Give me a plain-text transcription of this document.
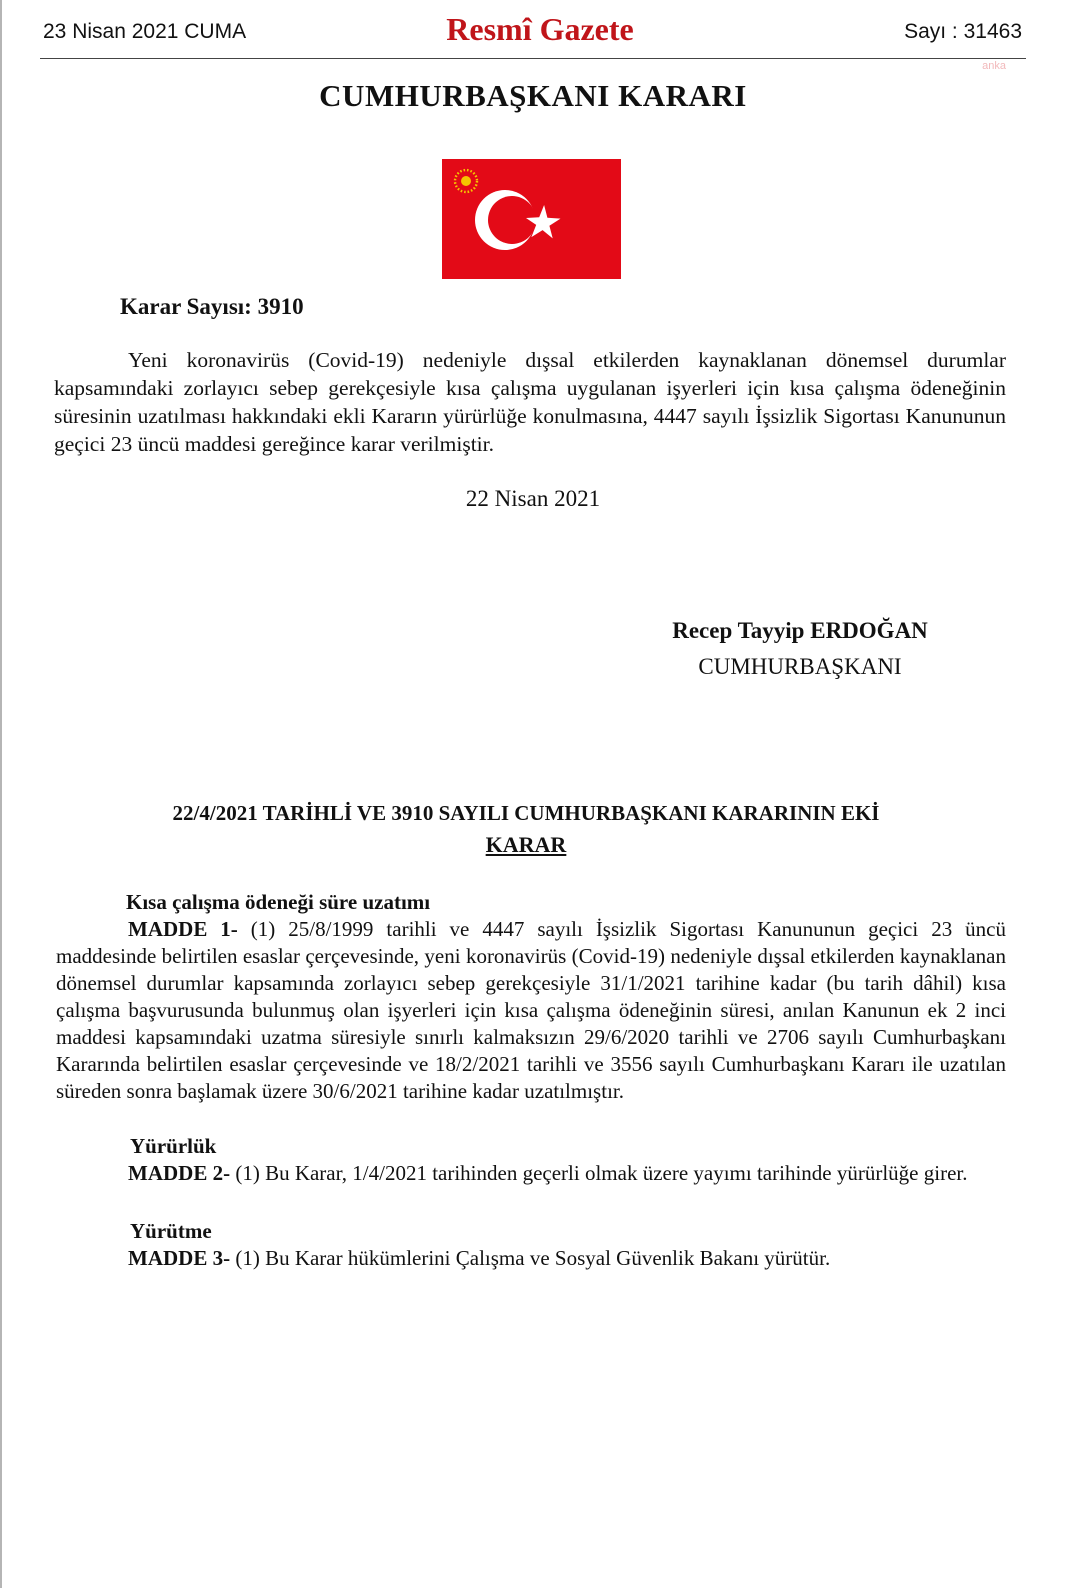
23 Nisan 2021 CUMA	Resmî Gazete	Sayı : 31463
anka
CUMHURBAŞKANI KARARI
Karar Sayısı: 3910

Yeni koronavirüs (Covid-19) nedeniyle dışsal etkilerden kaynaklanan dönemsel durumlar kapsamındaki zorlayıcı sebep gerekçesiyle kısa çalışma uygulanan işyerleri için kısa çalışma ödeneğinin süresinin uzatılması hakkındaki ekli Kararın yürürlüğe konulmasına, 4447 sayılı İşsizlik Sigortası Kanununun geçici 23 üncü maddesi gereğince karar verilmiştir.

22 Nisan 2021
Recep Tayyip ERDOĞAN
CUMHURBAŞKANI
22/4/2021 TARİHLİ VE 3910 SAYILI CUMHURBAŞKANI KARARININ EKİ
KARAR
Kısa çalışma ödeneği süre uzatımı

MADDE 1- (1) 25/8/1999 tarihli ve 4447 sayılı İşsizlik Sigortası Kanununun geçici 23 üncü maddesinde belirtilen esaslar çerçevesinde, yeni koronavirüs (Covid-19) nedeniyle dışsal etkilerden kaynaklanan dönemsel durumlar kapsamında zorlayıcı sebep gerekçesiyle 31/1/2021 tarihine kadar (bu tarih dâhil) kısa çalışma başvurusunda bulunmuş olan işyerleri için kısa çalışma ödeneğinin süresi, anılan Kanunun ek 2 inci maddesi kapsamındaki uzatma süresiyle sınırlı kalmaksızın 29/6/2020 tarihli ve 2706 sayılı Cumhurbaşkanı Kararında belirtilen esaslar çerçevesinde ve 18/2/2021 tarihli ve 3556 sayılı Cumhurbaşkanı Kararı ile uzatılan süreden sonra başlamak üzere 30/6/2021 tarihine kadar uzatılmıştır.

Yürürlük

MADDE 2- (1) Bu Karar, 1/4/2021 tarihinden geçerli olmak üzere yayımı tarihinde yürürlüğe girer.

Yürütme

MADDE 3- (1) Bu Karar hükümlerini Çalışma ve Sosyal Güvenlik Bakanı yürütür.
